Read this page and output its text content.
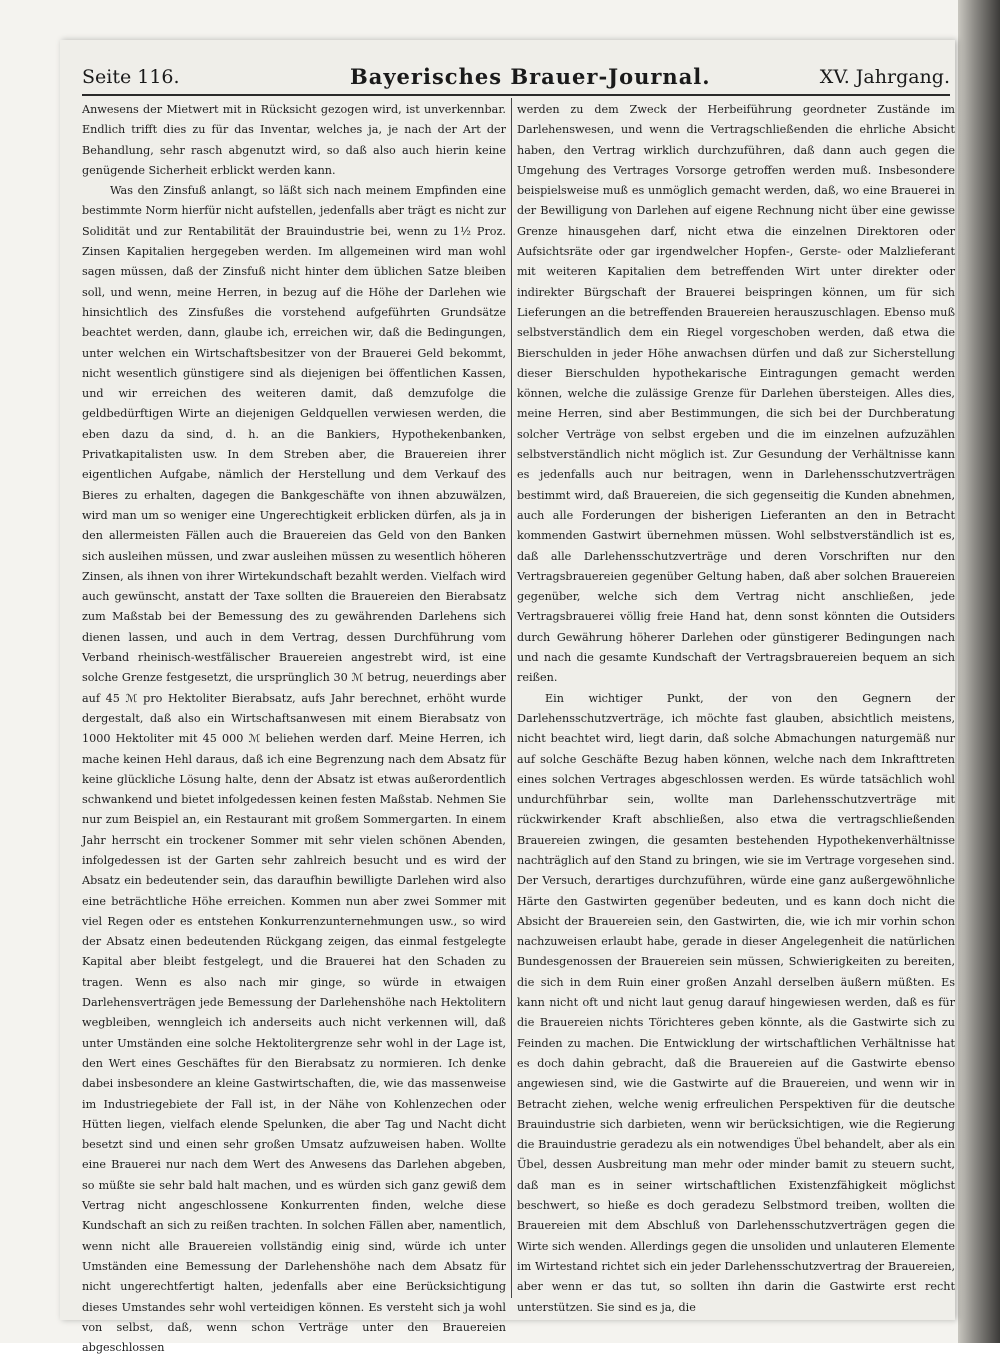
Seite 116.	Bayerisches Brauer-Journal.	XV. Jahrgang.

Anwesens der Mietwert mit in Rücksicht gezogen wird, ist unverkennbar. Endlich trifft dies zu für das Inventar, welches ja, je nach der Art der Behandlung, sehr rasch abgenutzt wird, so daß also auch hierin keine genügende Sicherheit erblickt werden kann.

Was den Zinsfuß anlangt, so läßt sich nach meinem Empfinden eine bestimmte Norm hierfür nicht aufstellen, jedenfalls aber trägt es nicht zur Solidität und zur Rentabilität der Brauindustrie bei, wenn zu 1½ Proz. Zinsen Kapitalien hergegeben werden. Im allgemeinen wird man wohl sagen müssen, daß der Zinsfuß nicht hinter dem üblichen Satze bleiben soll, und wenn, meine Herren, in bezug auf die Höhe der Darlehen wie hinsichtlich des Zinsfußes die vorstehend aufgeführten Grundsätze beachtet werden, dann, glaube ich, erreichen wir, daß die Bedingungen, unter welchen ein Wirtschaftsbesitzer von der Brauerei Geld bekommt, nicht wesentlich günstigere sind als diejenigen bei öffentlichen Kassen, und wir erreichen des weiteren damit, daß demzufolge die geldbedürftigen Wirte an diejenigen Geldquellen verwiesen werden, die eben dazu da sind, d. h. an die Bankiers, Hypothekenbanken, Privatkapitalisten usw. In dem Streben aber, die Brauereien ihrer eigentlichen Aufgabe, nämlich der Herstellung und dem Verkauf des Bieres zu erhalten, dagegen die Bankgeschäfte von ihnen abzuwälzen, wird man um so weniger eine Ungerechtigkeit erblicken dürfen, als ja in den allermeisten Fällen auch die Brauereien das Geld von den Banken sich ausleihen müssen, und zwar ausleihen müssen zu wesentlich höheren Zinsen, als ihnen von ihrer Wirtekundschaft bezahlt werden. Vielfach wird auch gewünscht, anstatt der Taxe sollten die Brauereien den Bierabsatz zum Maßstab bei der Bemessung des zu gewährenden Darlehens sich dienen lassen, und auch in dem Vertrag, dessen Durchführung vom Verband rheinisch-westfälischer Brauereien angestrebt wird, ist eine solche Grenze festgesetzt, die ursprünglich 30 ℳ betrug, neuerdings aber auf 45 ℳ pro Hektoliter Bierabsatz, aufs Jahr berechnet, erhöht wurde dergestalt, daß also ein Wirtschaftsanwesen mit einem Bierabsatz von 1000 Hektoliter mit 45 000 ℳ beliehen werden darf. Meine Herren, ich mache keinen Hehl daraus, daß ich eine Begrenzung nach dem Absatz für keine glückliche Lösung halte, denn der Absatz ist etwas außerordentlich schwankend und bietet infolgedessen keinen festen Maßstab. Nehmen Sie nur zum Beispiel an, ein Restaurant mit großem Sommergarten. In einem Jahr herrscht ein trockener Sommer mit sehr vielen schönen Abenden, infolgedessen ist der Garten sehr zahlreich besucht und es wird der Absatz ein bedeutender sein, das daraufhin bewilligte Darlehen wird also eine beträchtliche Höhe erreichen. Kommen nun aber zwei Sommer mit viel Regen oder es entstehen Konkurrenzunternehmungen usw., so wird der Absatz einen bedeutenden Rückgang zeigen, das einmal festgelegte Kapital aber bleibt festgelegt, und die Brauerei hat den Schaden zu tragen. Wenn es also nach mir ginge, so würde in etwaigen Darlehensverträgen jede Bemessung der Darlehenshöhe nach Hektolitern wegbleiben, wenngleich ich anderseits auch nicht verkennen will, daß unter Umständen eine solche Hektolitergrenze sehr wohl in der Lage ist, den Wert eines Geschäftes für den Bierabsatz zu normieren. Ich denke dabei insbesondere an kleine Gastwirtschaften, die, wie das massenweise im Industriegebiete der Fall ist, in der Nähe von Kohlenzechen oder Hütten liegen, vielfach elende Spelunken, die aber Tag und Nacht dicht besetzt sind und einen sehr großen Umsatz aufzuweisen haben. Wollte eine Brauerei nur nach dem Wert des Anwesens das Darlehen abgeben, so müßte sie sehr bald halt machen, und es würden sich ganz gewiß dem Vertrag nicht angeschlossene Konkurrenten finden, welche diese Kundschaft an sich zu reißen trachten. In solchen Fällen aber, namentlich, wenn nicht alle Brauereien vollständig einig sind, würde ich unter Umständen eine Bemessung der Darlehenshöhe nach dem Absatz für nicht ungerechtfertigt halten, jedenfalls aber eine Berücksichtigung dieses Umstandes sehr wohl verteidigen können. Es versteht sich ja wohl von selbst, daß, wenn schon Verträge unter den Brauereien abgeschlossen

werden zu dem Zweck der Herbeiführung geordneter Zustände im Darlehenswesen, und wenn die Vertragschließenden die ehrliche Absicht haben, den Vertrag wirklich durchzuführen, daß dann auch gegen die Umgehung des Vertrages Vorsorge getroffen werden muß. Insbesondere beispielsweise muß es unmöglich gemacht werden, daß, wo eine Brauerei in der Bewilligung von Darlehen auf eigene Rechnung nicht über eine gewisse Grenze hinausgehen darf, nicht etwa die einzelnen Direktoren oder Aufsichtsräte oder gar irgendwelcher Hopfen-, Gerste- oder Malzlieferant mit weiteren Kapitalien dem betreffenden Wirt unter direkter oder indirekter Bürgschaft der Brauerei beispringen können, um für sich Lieferungen an die betreffenden Brauereien herauszuschlagen. Ebenso muß selbstverständlich dem ein Riegel vorgeschoben werden, daß etwa die Bierschulden in jeder Höhe anwachsen dürfen und daß zur Sicherstellung dieser Bierschulden hypothekarische Eintragungen gemacht werden können, welche die zulässige Grenze für Darlehen übersteigen. Alles dies, meine Herren, sind aber Bestimmungen, die sich bei der Durchberatung solcher Verträge von selbst ergeben und die im einzelnen aufzuzählen selbstverständlich nicht möglich ist. Zur Gesundung der Verhältnisse kann es jedenfalls auch nur beitragen, wenn in Darlehensschutzverträgen bestimmt wird, daß Brauereien, die sich gegenseitig die Kunden abnehmen, auch alle Forderungen der bisherigen Lieferanten an den in Betracht kommenden Gastwirt übernehmen müssen. Wohl selbstverständlich ist es, daß alle Darlehensschutzverträge und deren Vorschriften nur den Vertragsbrauereien gegenüber Geltung haben, daß aber solchen Brauereien gegenüber, welche sich dem Vertrag nicht anschließen, jede Vertragsbrauerei völlig freie Hand hat, denn sonst könnten die Outsiders durch Gewährung höherer Darlehen oder günstigerer Bedingungen nach und nach die gesamte Kundschaft der Vertragsbrauereien bequem an sich reißen.

Ein wichtiger Punkt, der von den Gegnern der Darlehensschutzverträge, ich möchte fast glauben, absichtlich meistens, nicht beachtet wird, liegt darin, daß solche Abmachungen naturgemäß nur auf solche Geschäfte Bezug haben können, welche nach dem Inkrafttreten eines solchen Vertrages abgeschlossen werden. Es würde tatsächlich wohl undurchführbar sein, wollte man Darlehensschutzverträge mit rückwirkender Kraft abschließen, also etwa die vertragschließenden Brauereien zwingen, die gesamten bestehenden Hypothekenverhältnisse nachträglich auf den Stand zu bringen, wie sie im Vertrage vorgesehen sind. Der Versuch, derartiges durchzuführen, würde eine ganz außergewöhnliche Härte den Gastwirten gegenüber bedeuten, und es kann doch nicht die Absicht der Brauereien sein, den Gastwirten, die, wie ich mir vorhin schon nachzuweisen erlaubt habe, gerade in dieser Angelegenheit die natürlichen Bundesgenossen der Brauereien sein müssen, Schwierigkeiten zu bereiten, die sich in dem Ruin einer großen Anzahl derselben äußern müßten. Es kann nicht oft und nicht laut genug darauf hingewiesen werden, daß es für die Brauereien nichts Törichteres geben könnte, als die Gastwirte sich zu Feinden zu machen. Die Entwicklung der wirtschaftlichen Verhältnisse hat es doch dahin gebracht, daß die Brauereien auf die Gastwirte ebenso angewiesen sind, wie die Gastwirte auf die Brauereien, und wenn wir in Betracht ziehen, welche wenig erfreulichen Perspektiven für die deutsche Brauindustrie sich darbieten, wenn wir berücksichtigen, wie die Regierung die Brauindustrie geradezu als ein notwendiges Übel behandelt, aber als ein Übel, dessen Ausbreitung man mehr oder minder bamit zu steuern sucht, daß man es in seiner wirtschaftlichen Existenzfähigkeit möglichst beschwert, so hieße es doch geradezu Selbstmord treiben, wollten die Brauereien mit dem Abschluß von Darlehensschutzverträgen gegen die Wirte sich wenden. Allerdings gegen die unsoliden und unlauteren Elemente im Wirtestand richtet sich ein jeder Darlehensschutzvertrag der Brauereien, aber wenn er das tut, so sollten ihn darin die Gastwirte erst recht unterstützen. Sie sind es ja, die
